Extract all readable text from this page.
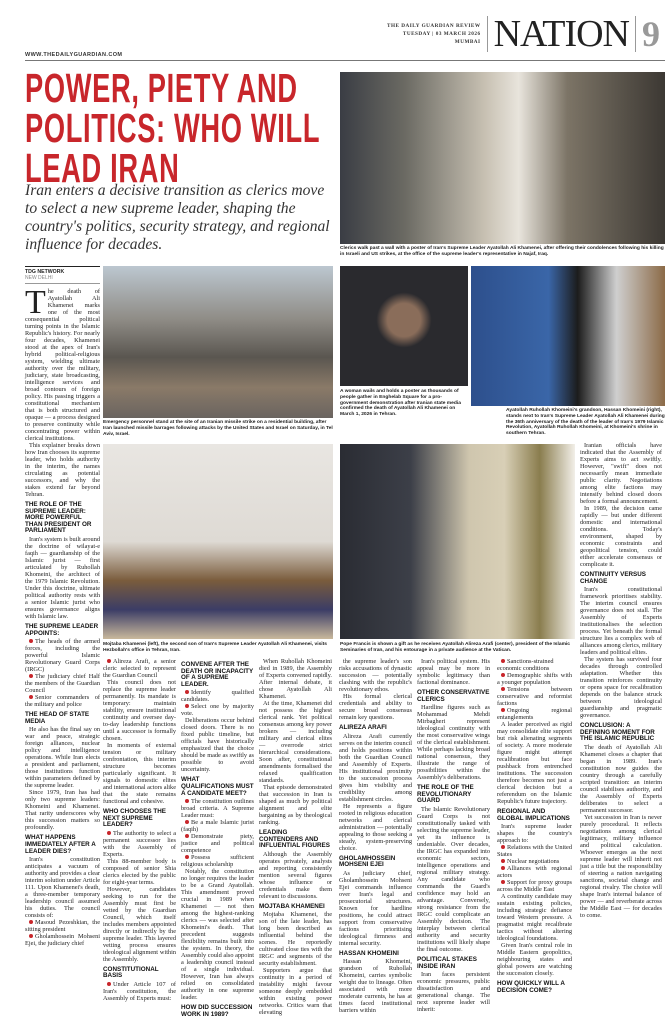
WWW.THEDAILYGUARDIAN.COM
THE DAILY GUARDIAN REVIEW
TUESDAY | 03 MARCH 2026
MUMBAI NATION 9
POWER, PIETY AND POLITICS: WHO WILL LEAD IRAN
Iran enters a decisive transition as clerics move to select a new supreme leader, shaping the country's politics, security strategy, and regional influence for decades.	Clerics walk past a wall with a poster of Iran's Supreme Leader Ayatollah Ali Khamenei, after offering their condolences following his killing in Israeli and US strikes, at the office of the supreme leader's representative in Najaf, Iraq.
A woman wails and holds a poster as thousands of people gather in Enghelab Square for a pro-government demonstration after Iranian state media confirmed the death of Ayatollah Ali Khamenei on March 1, 2026 in Tehran.
Ayatollah Ruhollah Khomeini's grandson, Hassan Khomeini (right), stands next to Iran's Supreme Leader Ayatollah Ali Khamenei during the 36th anniversary of the death of the leader of Iran's 1979 Islamic Revolution, Ayatollah Ruhollah Khomeini, at Khomeini's shrine in southern Tehran.
Emergency personnel stand at the site of an Iranian missile strike on a residential building, after Iran launched missile barrages following attacks by the United States and Israel on Saturday, in Tel Aviv, Israel.
Mojtaba Khamenei (left), the second son of Iran's Supreme Leader Ayatollah Ali Khamenei, visits Hezbollah's office in Tehran, Iran.
Pope Francis is shown a gift as he receives Ayatollah Alireza Arafi (center), president of the Islamic Seminaries of Iran, and his entourage in a private audience at the Vatican.
TDG NETWORK
NEW DELHI

The death of Ayatollah Ali Khamenei marks one of the most consequential political turning points in the Islamic Republic's history. For nearly four decades, Khamenei stood at the apex of Iran's hybrid political-religious system, wielding ultimate authority over the military, judiciary, state broadcasting, intelligence services and broad contours of foreign policy. His passing triggers a constitutional mechanism that is both structured and opaque — a process designed to preserve continuity while concentrating power within clerical institutions.

This explainer breaks down how Iran chooses its supreme leader, who holds authority in the interim, the names circulating as potential successors, and why the stakes extend far beyond Tehran.

THE ROLE OF THE SUPREME LEADER: MORE POWERFUL THAN PRESIDENT OR PARLIAMENT

Iran's system is built around the doctrine of wilayat-e faqih — guardianship of the Islamic jurist — first articulated by Ruhollah Khomeini, the architect of the 1979 Islamic Revolution. Under this doctrine, ultimate political authority rests with a senior Islamic jurist who ensures governance aligns with Islamic law.

THE SUPREME LEADER APPOINTS:

The heads of the armed forces, including the powerful Islamic Revolutionary Guard Corps (IRGC)

The judiciary chief Half the members of the Guardian Council

Senior commanders of the military and police

THE HEAD OF STATE MEDIA

He also has the final say on war and peace, strategic foreign alliances, nuclear policy and intelligence operations. While Iran elects a president and parliament, those institutions function within parameters defined by the supreme leader.

Since 1979, Iran has had only two supreme leaders: Khomeini and Khamenei. That rarity underscores why this succession matters so profoundly.

WHAT HAPPENS IMMEDIATELY AFTER A LEADER DIES?

Iran's constitution anticipates a vacuum of authority and provides a clear interim solution under Article 111. Upon Khamenei's death, a three-member temporary leadership council assumed his duties. The council consists of:

Masoud Pezeshkian, the sitting president

Gholamhossein Mohseni Ejei, the judiciary chief

Alireza Arafi, a senior cleric selected to represent the Guardian Council

This council does not replace the supreme leader permanently. Its mandate is temporary: maintain stability, ensure institutional continuity and oversee day-to-day leadership functions until a successor is formally chosen.

In moments of external tension or military confrontation, this interim structure becomes particularly significant. It signals to domestic elites and international actors alike that the state remains functional and cohesive.

WHO CHOOSES THE NEXT SUPREME LEADER?

The authority to select a permanent successor lies with the Assembly of Experts.

This 88-member body is composed of senior Shia clerics elected by the public for eight-year terms.

However, candidates seeking to run for the Assembly must first be vetted by the Guardian Council, which itself includes members appointed directly or indirectly by the supreme leader. This layered vetting process ensures ideological alignment within the Assembly.

CONSTITUTIONAL BASIS

Under Article 107 of Iran's constitution, the Assembly of Experts must:

CONVENE AFTER THE DEATH OR INCAPACITY OF A SUPREME LEADER.

Identify qualified candidates.

Select one by majority vote.

Deliberations occur behind closed doors. There is no fixed public timeline, but officials have historically emphasized that the choice should be made as swiftly as possible to avoid uncertainty.

WHAT QUALIFICATIONS MUST A CANDIDATE MEET?

The constitution outlines broad criteria. A Supreme Leader must:

Be a male Islamic jurist (faqih)

Demonstrate piety, justice and political competence

Possess sufficient religious scholarship

Notably, the constitution no longer requires the leader to be a Grand Ayatollah. This amendment proved crucial in 1989 when Khamenei — not then among the highest-ranking clerics — was selected after Khomeini's death. That precedent suggests flexibility remains built into the system. In theory, the Assembly could also appoint a leadership council instead of a single individual. However, Iran has always relied on consolidated authority in one supreme leader.

HOW DID SUCCESSION WORK IN 1989?

When Ruhollah Khomeini died in 1989, the Assembly of Experts convened rapidly. After internal debate, it chose Ayatollah Ali Khamenei.

At the time, Khamenei did not possess the highest clerical rank. Yet political consensus among key power brokers — including military and clerical elites — overrode strict hierarchical considerations. Soon after, constitutional amendments formalised the relaxed qualification standards.

That episode demonstrated that succession in Iran is shaped as much by political alignment and elite bargaining as by theological ranking.

LEADING CONTENDERS AND INFLUENTIAL FIGURES

Although the Assembly operates privately, analysts and reporting consistently mention several figures whose influence or credentials make them relevant to discussions.

MOJTABA KHAMENEI

Mojtaba Khamenei, the son of the late leader, has long been described as influential behind the scenes. He reportedly cultivated close ties with the IRGC and segments of the security establishment.

Supporters argue that continuity in a period of instability might favour someone deeply embedded within existing power networks. Critics warn that elevating

the supreme leader's son risks accusations of dynastic succession — potentially clashing with the republic's revolutionary ethos.

His formal clerical credentials and ability to secure broad consensus remain key questions.

ALIREZA ARAFI

Alireza Arafi currently serves on the interim council and holds positions within both the Guardian Council and Assembly of Experts. His institutional proximity to the succession process gives him visibility and credibility among establishment circles.

He represents a figure rooted in religious education networks and clerical administration — potentially appealing to those seeking a steady, system-preserving choice.

GHOLAMHOSSEIN MOHSENI EJEI

As judiciary chief, Gholamhossein Mohseni Ejei commands influence over Iran's legal and prosecutorial structures. Known for hardline positions, he could attract support from conservative factions prioritising ideological firmness and internal security.

HASSAN KHOMEINI

Hassan Khomeini, grandson of Ruhollah Khomeini, carries symbolic weight due to lineage. Often associated with more moderate currents, he has at times faced institutional barriers within

Iran's political system. His appeal may be more in symbolic legitimacy than factional dominance.

OTHER CONSERVATIVE CLERICS

Hardline figures such as Mohammad Mehdi Mirbagheri represent ideological continuity with the most conservative wings of the clerical establishment. While perhaps lacking broad national consensus, they illustrate the range of possibilities within the Assembly's deliberations.

THE ROLE OF THE REVOLUTIONARY GUARD

The Islamic Revolutionary Guard Corps is not constitutionally tasked with selecting the supreme leader, yet its influence is undeniable. Over decades, the IRGC has expanded into economic sectors, intelligence operations and regional military strategy. Any candidate who commands the Guard's confidence may hold an advantage. Conversely, strong resistance from the IRGC could complicate an Assembly decision. The interplay between clerical authority and security institutions will likely shape the final outcome.

POLITICAL STAKES INSIDE IRAN

Iran faces persistent economic pressures, public dissatisfaction and generational change. The next supreme leader will inherit:

Sanctions-strained economic conditions

Demographic shifts with a younger population

Tensions between conservative and reformist factions

Ongoing regional entanglements

A leader perceived as rigid may consolidate elite support but risk alienating segments of society. A more moderate figure might attempt recalibration but face pushback from entrenched institutions. The succession therefore becomes not just a clerical decision but a referendum on the Islamic Republic's future trajectory.

REGIONAL AND GLOBAL IMPLICATIONS

Iran's supreme leader shapes the country's approach to:

Relations with the United States

Nuclear negotiations

Alliances with regional actors

Support for proxy groups across the Middle East

A continuity candidate may sustain existing policies, including strategic defiance toward Western pressure. A pragmatist might recalibrate tactics without altering ideological foundations.

Given Iran's central role in Middle Eastern geopolitics, neighbouring states and global powers are watching the succession closely.

HOW QUICKLY WILL A DECISION COME?

Iranian officials have indicated that the Assembly of Experts aims to act swiftly. However, "swift" does not necessarily mean immediate public clarity. Negotiations among elite factions may intensify behind closed doors before a formal announcement.

In 1989, the decision came rapidly — but under different domestic and international conditions. Today's environment, shaped by economic constraints and geopolitical tension, could either accelerate consensus or complicate it.

CONTINUITY VERSUS CHANGE

Iran's constitutional framework prioritises stability. The interim council ensures governance does not stall. The Assembly of Experts institutionalises the selection process. Yet beneath the formal structure lies a complex web of alliances among clerics, military leaders and political elites.

The system has survived four decades through controlled adaptation. Whether this transition reinforces continuity or opens space for recalibration depends on the balance struck between ideological guardianship and pragmatic governance.

CONCLUSION: A DEFINING MOMENT FOR THE ISLAMIC REPUBLIC

The death of Ayatollah Ali Khamenei closes a chapter that began in 1989. Iran's constitution now guides the country through a carefully scripted transition: an interim council stabilises authority, and the Assembly of Experts deliberates to select a permanent successor.

Yet succession in Iran is never purely procedural. It reflects negotiations among clerical legitimacy, military influence and political calculation. Whoever emerges as the next supreme leader will inherit not just a title but the responsibility of steering a nation navigating sanctions, societal change and regional rivalry. The choice will shape Iran's internal balance of power — and reverberate across the Middle East — for decades to come.
